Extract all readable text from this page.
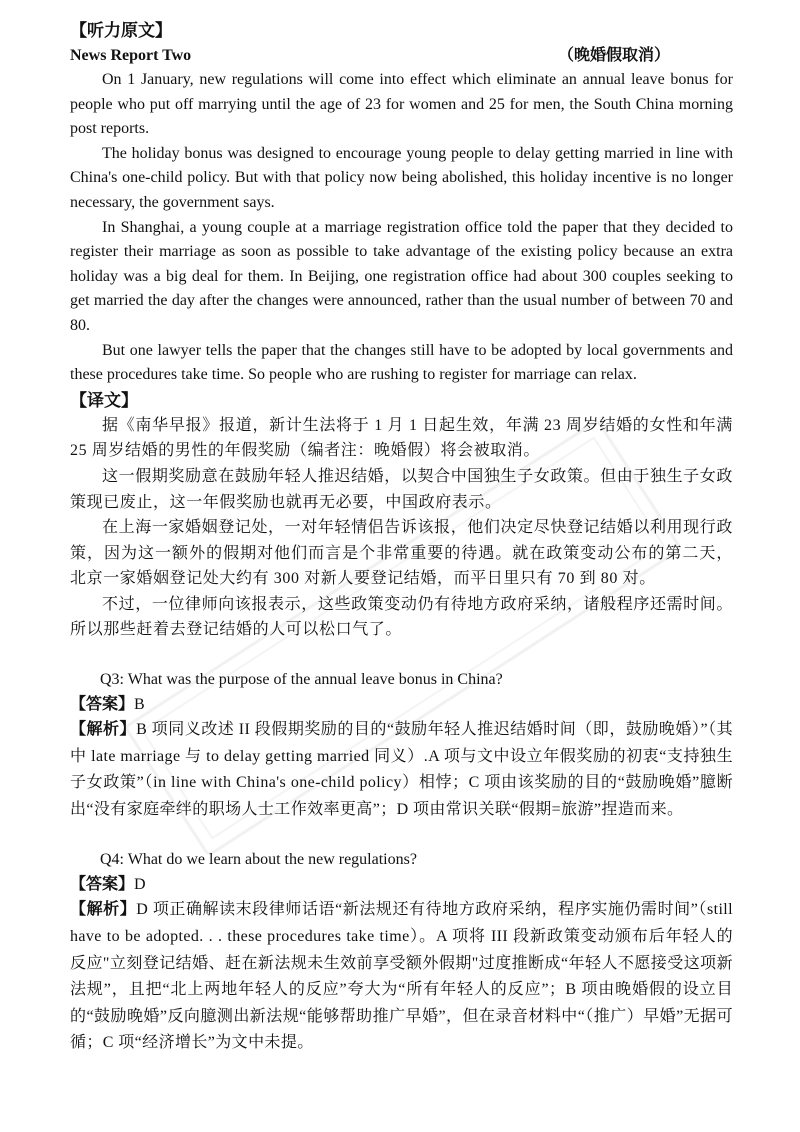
【听力原文】
News Report Two	（晚婚假取消）

On 1 January, new regulations will come into effect which eliminate an annual leave bonus for people who put off marrying until the age of 23 for women and 25 for men, the South China morning post reports.

The holiday bonus was designed to encourage young people to delay getting married in line with China's one-child policy. But with that policy now being abolished, this holiday incentive is no longer necessary, the government says.

In Shanghai, a young couple at a marriage registration office told the paper that they decided to register their marriage as soon as possible to take advantage of the existing policy because an extra holiday was a big deal for them. In Beijing, one registration office had about 300 couples seeking to get married the day after the changes were announced, rather than the usual number of between 70 and 80.

But one lawyer tells the paper that the changes still have to be adopted by local governments and these procedures take time. So people who are rushing to register for marriage can relax.

【译文】

据《南华早报》报道，新计生法将于 1 月 1 日起生效，年满 23 周岁结婚的女性和年满 25 周岁结婚的男性的年假奖励（编者注：晚婚假）将会被取消。

这一假期奖励意在鼓励年轻人推迟结婚，以契合中国独生子女政策。但由于独生子女政策现已废止，这一年假奖励也就再无必要，中国政府表示。

在上海一家婚姻登记处，一对年轻情侣告诉该报，他们决定尽快登记结婚以利用现行政策，因为这一额外的假期对他们而言是个非常重要的待遇。就在政策变动公布的第二天，北京一家婚姻登记处大约有 300 对新人要登记结婚，而平日里只有 70 到 80 对。

不过，一位律师向该报表示，这些政策变动仍有待地方政府采纳，诸般程序还需时间。所以那些赶着去登记结婚的人可以松口气了。

Q3: What was the purpose of the annual leave bonus in China?
【答案】B
【解析】B 项同义改述 II 段假期奖励的目的“鼓励年轻人推迟结婚时间（即，鼓励晚婚）”（其中 late marriage 与 to delay getting married 同义）.A 项与文中设立年假奖励的初衷“支持独生子女政策”（in line with China's one-child policy）相悖；C 项由该奖励的目的“鼓励晚婚”臆断出“没有家庭牵绊的职场人士工作效率更高”；D 项由常识关联“假期=旅游”捏造而来。
Q4: What do we learn about the new regulations?
【答案】D
【解析】D 项正确解读末段律师话语“新法规还有待地方政府采纳，程序实施仍需时间”（still have to be adopted. . . these procedures take time）。A 项将 III 段新政策变动颁布后年轻人的反应"立刻登记结婚、赶在新法规未生效前享受额外假期"过度推断成“年轻人不愿接受这项新法规”，且把“北上两地年轻人的反应”夸大为“所有年轻人的反应”；B 项由晚婚假的设立目的“鼓励晚婚”反向臆测出新法规“能够帮助推广早婚”，但在录音材料中“（推广）早婚”无据可循；C 项“经济增长”为文中未提。
